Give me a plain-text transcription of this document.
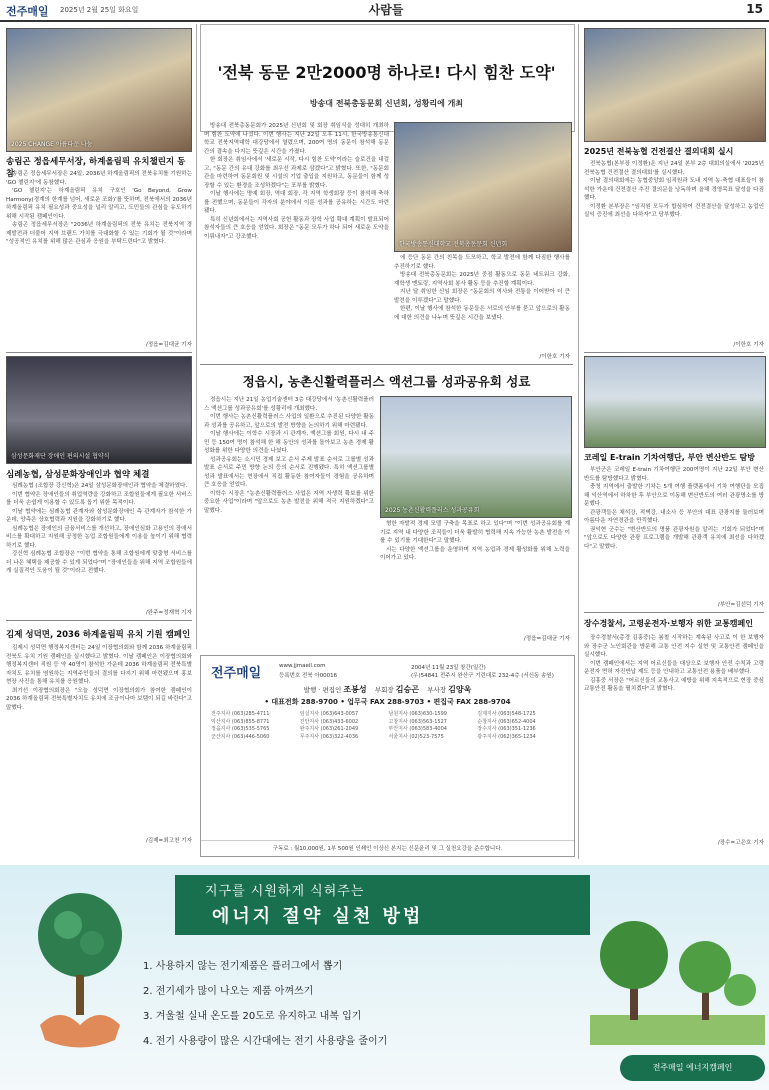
전주매일 2025년 2월 25일 화요일	사람들	15
2025 CHANGE 아름다운 나눔
송림곤 정읍세무서장, 하계올림픽 유치챌린지 동참

송림곤 정읍세무서장은 24일, 2036년 하계올림픽의 전북유치를 기원하는 'GO 챌린지'에 동참했다.

'GO 챌린지'는 하계올림픽 유치 구호인 'Go Beyond, Grow Harmony(경계의 한계를 넘어, 새로운 조화)'를 뜻하며, 전북에서의 2036년 하계올림픽 유치 필요성과 중요성을 널리 알리고, 도민들의 관심을 유도하기 위해 시작된 캠페인이다.

송림곤 정읍세무서장은 "2036년 하계올림픽의 전북 유치는 전북지역 경제발전과 더불어 지역 브랜드 가치를 극대화할 수 있는 기회가 될 것"이라며 "성공적인 유치를 위해 많은 관심과 응원을 부탁드린다"고 밝혔다.

/정읍=김대균 기자
삼성문화재단 장애인 편의시설 협약식
심례농협, 삼성문화장애인과 협약 체결

심례농협 (조합장 강신혁)은 24일 삼성문화장애인과 협약을 체결하였다.

이번 협약은 장애인들의 취업역량을 강화하고 조합원들에게 필요한 서비스를 더욱 손쉽게 이용할 수 있도록 돕기 위한 목적이다.

이날 협약에는 심례농협 관계자와 삼성문화장애인 측 관계자가 참석한 가운데, 양측은 상호협력과 지원을 강화하기로 했다.

심례농협은 장애인의 금융서비스를 개선하고, 장애인심화 고용인의 장애서비스를 확대하고 지원해 공정한 농업 조합원들에게 이용을 높이기 위해 협력하기로 했다.

강신혁 심례농협 조합장은 "이번 협약을 통해 조합원에게 맞춤형 서비스를 더 나은 혜택을 제공할 수 있게 되었다"며 "장애인들을 위해 지역 조합원들에게 실질적인 도움이 될 것"이라고 전했다.

/완주=정재혁 기자
김제 성덕면, 2036 하계올림픽 유치 기원 캠페인

김제시 성덕면 행정복지센터는 24일 이장협의회와 함께 2036 하계올림픽 전북도 유치 기원 캠페인을 실시했다고 밝혔다. 이날 캠페인은 이장협의회와 행정복지센터 직원 등 약 40명이 참석한 가운데 2036 하계올림픽 전북특별자치도 유치를 염원하는 지역주민들의 결의를 다지기 위해 마련됐으며 홍보현장 사진을 통해 유치를 응원했다.

최기선 이장협의회장은 "오늘 성덕면 이장협의회가 참여한 캠페인이 2036 하계올림픽 전북특별자치도 유치에 조금이나마 보탬이 되길 바란다"고 말했다.

/김제=최고천 기자
'전북 동문 2만2000명 하나로! 다시 힘찬 도약'
방송대 전북총동문회 신년회, 성황리에 개최

방송대 전북총동문회가 2025년 신년회 및 회장 취임식을 성대히 개최하며 힘찬 도약에 나섰다. 이번 행사는 지난 22일 오후 11시, 한국방송통신대학교 전북지역대학 대강당에서 열렸으며, 200여 명의 동문이 참석해 동문 간의 결속을 다지는 뜻깊은 시간을 가졌다.

한 회장은 취임사에서 '새로운 시작, 다시 힘찬 도약'이라는 슬로건을 내걸고, "동문 간의 유대 강화를 최우선 과제로 삼겠다"고 밝혔다. 또한, "동문회관을 마련하여 동문회원 및 시설의 기업 출입을 지원하고, 동문들이 함께 성장할 수 있는 환경을 조성하겠다"는 포부를 밝혔다.

이날 행사에는 명예 회장, 역대 회장, 각 지역 학생회장 등이 참석해 축하를 전했으며, 동문들이 각자의 분야에서 이룬 성과를 공유하는 시간도 마련됐다.

특히 신년회에서는 지역사회 공헌 활동과 장학 사업 확대 계획이 발표되어 참석자들의 큰 호응을 얻었다. 회장은 "동문 모두가 하나 되어 새로운 도약을 이뤄내자"고 강조했다.

한국방송통신대학교 전북총동문회 신년회

에 등단 동문 간의 친목을 도모하고, 학교 발전에 함께 다짐한 행사를 추진하기로 했다.

방송대 전북총동문회는 2025년 중점 활동으로 동문 네트워크 강화, 재학생 멘토링, 지역사회 봉사 활동 등을 추진할 계획이다.

지난 달 취임한 신임 회장은 "동문회의 역사와 전통을 이어받아 더 큰 발전을 이루겠다"고 말했다.

한편, 이날 행사에 참석한 동문들은 서로의 안부를 묻고 앞으로의 활동에 대한 의견을 나누며 뜻깊은 시간을 보냈다.

/이한호 기자
정읍시, 농촌신활력플러스 액션그룹 성과공유회 성료

정읍시는 지난 21일 농업기술센터 3층 대강당에서 '농촌신활력플러스 액션그룹 성과공유회'를 성황리에 개최했다.

이번 행사는 농촌신활력플러스 사업의 일환으로 추진된 다양한 활동과 성과를 공유하고, 앞으로의 발전 방향을 논의하기 위해 마련됐다.

이날 행사에는 이학수 시장과 시 관계자, 액션그룹 회원, 다시 내 주민 등 150여 명이 참석해 한 해 동안의 성과를 돌아보고 농촌 경제 활성화를 위한 다양한 의견을 나눴다.

성과공유회는 소시민 경제 보고 순서 주제 발표 순서로 그룹별 성과 발표 순서로 주민 방향 논의 등의 순서로 진행됐다. 특히 액션그룹별 성과 발표에서는 현장에서 직접 활동한 참여자들이 경험을 공유하며 큰 호응을 얻었다.

이학수 시장은 "농촌신활력플러스 사업은 지역 자생력 확보를 위한 중요한 사업"이라며 "앞으로도 농촌 발전을 위해 적극 지원하겠다"고 말했다.	2025 농촌신활력플러스 성과공유회

형한 자발적 경제 모델 구축을 목표로 하고 있다"며 "이번 성과공유회를 계기로 지역 내 다양한 조직들이 더욱 활발히 협력해 지속 가능한 농촌 발전을 이룰 수 있기를 기대한다"고 말했다.

시는 다양한 액션그룹을 운영하며 지역 농업과 경제 활성화를 위해 노력을 이어가고 있다.

/정읍=김대균 기자
전주매일	www.jjmaeil.com
등록번호 전북 아00016
2004년 11월 23일 창간(일간)
(우)54841 전주시 완산구 기린대로 232-4층 (서신동 송원)
발행 · 편집인 조봉성 부회장 김승곤 부사장 김양욱
• 대표전화 288-9700 • 업무국 FAX 288-9703 • 편집국 FAX 288-9704
전주지사 (063)285-4711	임실지사 (063)643-0057	남원지사 (063)630-1599	김제지사 (063)548-1725
익산지사 (063)855-8771	진안지사 (063)433-6002	고창지사 (063)563-1527	순창지사 (063)652-4004
정읍지사 (063)535-5765	완주지사 (063)261-2049	부안지사 (063)583-4004	장수지사 (063)351-1236
군산지사 (063)446-5060	무주지사 (063)322-4036	서울지사 (02)523-7575	광주지사 (062)365-1234
구독료 : 월10,000원, 1부 500원 인쇄인 이상신 본지는 신문윤리 및 그 실천요강을 준수합니다.
2025년 전북농협 건전결산 결의대회 실시

전북농협(본부장 이정환)은 지난 24일 본부 2층 대회의실에서 '2025년 전북농협 건전결산 결의대회'를 실시했다.

이날 결의대회에는 농협중앙회 임직원과 도내 지역 농·축협 대표들이 참석한 가운데 건전결산 추진 결의문을 낭독하며 올해 경영목표 달성을 다짐했다.

이정환 본부장은 "임직원 모두가 합심하여 건전결산을 달성하고 농업인 실익 증진에 최선을 다하자"고 당부했다.

/이한호 기자
코레일 E-train 기차여행단, 부안 변산반도 탐방

부안군은 코레일 E-train 기차여행단 200여명이 지난 22일 부안 변산반도를 탐방했다고 밝혔다.

충청 지역에서 출발한 기차는 5개 여행 플랫폼에서 기차 여행단을 모집해 익산역에서 하차한 후 부안으로 이동해 변산반도의 여러 관광명소를 방문했다.

관광객들은 채석강, 적벽강, 내소사 등 부안의 대표 관광지를 둘러보며 아름다운 자연경관을 만끽했다.

권익현 군수는 "변산반도의 명품 관광자원을 알리는 기회가 되었다"며 "앞으로도 다양한 관광 프로그램을 개발해 관광객 유치에 최선을 다하겠다"고 말했다.

/부안=김선덕 기자
장수경찰서, 고령운전자·보행자 위한 교통캠페인

장수경찰서(총경 김홍중)는 봄철 시작하는 계속된 사고로 이 한 보행자와 장수군 노인회관을 방문해 교통 안전 지수 실현 및 교통안전 캠페인을 실시했다.

이번 캠페인에서는 지역 어르신들을 대상으로 보행자 안전 수칙과 고령운전자 면허 자진반납 제도 등을 안내하고 교통안전 용품을 배부했다.

김홍중 서장은 "어르신들의 교통사고 예방을 위해 지속적으로 현장 중심 교통안전 활동을 펼치겠다"고 밝혔다.

/장수=고은호 기자
지구를 시원하게 식혀주는
에너지 절약 실천 방법
1. 사용하지 않는 전기제품은 플러그에서 뽑기
2. 전기세가 많이 나오는 제품 아껴쓰기
3. 겨울철 실내 온도를 20도로 유지하고 내복 입기
4. 전기 사용량이 많은 시간대에는 전기 사용량을 줄이기
전주매일 에너지캠페인
